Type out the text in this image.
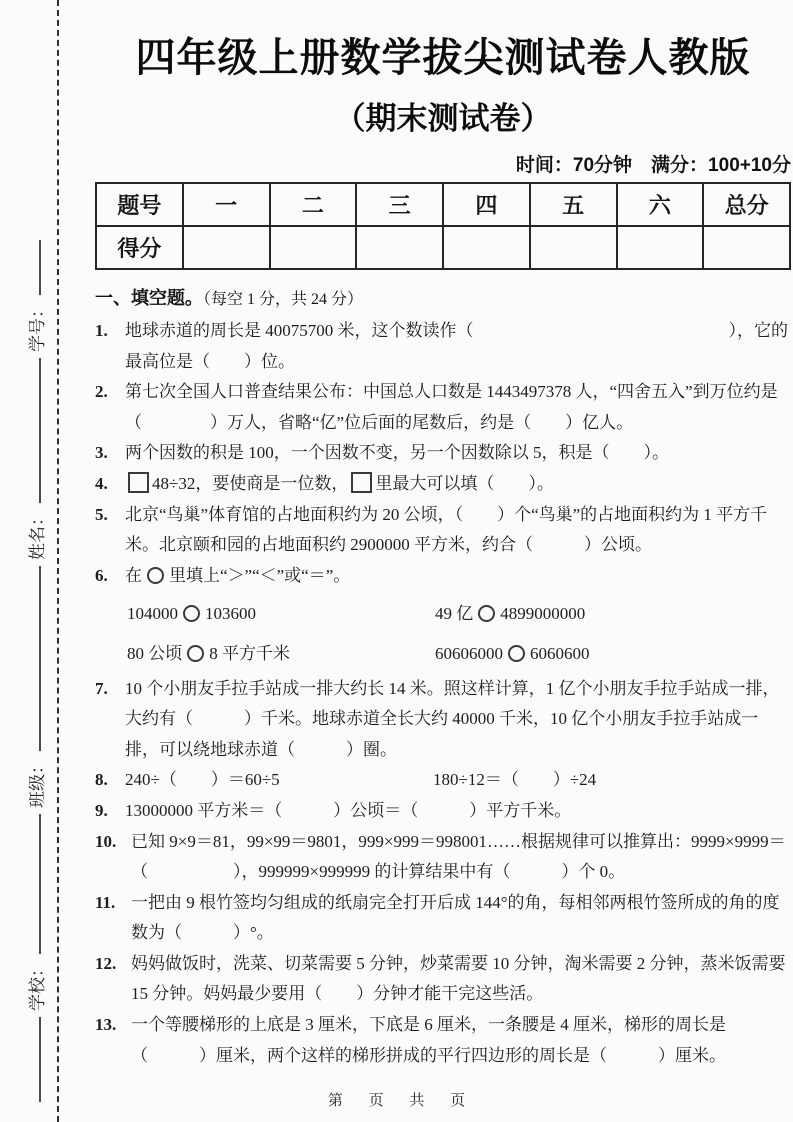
学校：
班级：
姓名：
学号：
四年级上册数学拔尖测试卷人教版
（期末测试卷）
时间：70分钟　满分：100+10分
题号	一	二	三	四	五	六	总分
得分							
一、填空题。（每空 1 分，共 24 分）
1.	地球赤道的周长是 40075700 米，这个数读作（　　　　　　　　　　　　　　　），它的最高位是（　　）位。
2.	第七次全国人口普查结果公布：中国总人口数是 1443497378 人，“四舍五入”到万位约是（　　　　）万人，省略“亿”位后面的尾数后，约是（　　）亿人。
3.	两个因数的积是 100，一个因数不变，另一个因数除以 5，积是（　　）。
4.	48÷32，要使商是一位数， 里最大可以填（　　）。
5.	北京“鸟巢”体育馆的占地面积约为 20 公顷，（　　）个“鸟巢”的占地面积约为 1 平方千米。北京颐和园的占地面积约 2900000 平方米，约合（　　　）公顷。
6.	在 里填上“＞”“＜”或“＝”。
104000 103600	49 亿 4899000000
80 公顷 8 平方千米	60606000 6060600
7.	10 个小朋友手拉手站成一排大约长 14 米。照这样计算，1 亿个小朋友手拉手站成一排，大约有（　　　）千米。地球赤道全长大约 40000 千米，10 亿个小朋友手拉手站成一排，可以绕地球赤道（　　　）圈。
8.	240÷（　　）＝60÷5	180÷12＝（　　）÷24
9.	13000000 平方米＝（　　　）公顷＝（　　　）平方千米。
10. 已知 9×9＝81，99×99＝9801，999×999＝998001……根据规律可以推算出：9999×9999＝（　　　　　），999999×999999 的计算结果中有（　　　）个 0。
11. 一把由 9 根竹签均匀组成的纸扇完全打开后成 144°的角，每相邻两根竹签所成的角的度数为（　　　）°。
12. 妈妈做饭时，洗菜、切菜需要 5 分钟，炒菜需要 10 分钟，淘米需要 2 分钟，蒸米饭需要 15 分钟。妈妈最少要用（　　）分钟才能干完这些活。
13. 一个等腰梯形的上底是 3 厘米，下底是 6 厘米，一条腰是 4 厘米，梯形的周长是（　　　）厘米，两个这样的梯形拼成的平行四边形的周长是（　　　）厘米。
第 页 共 页
